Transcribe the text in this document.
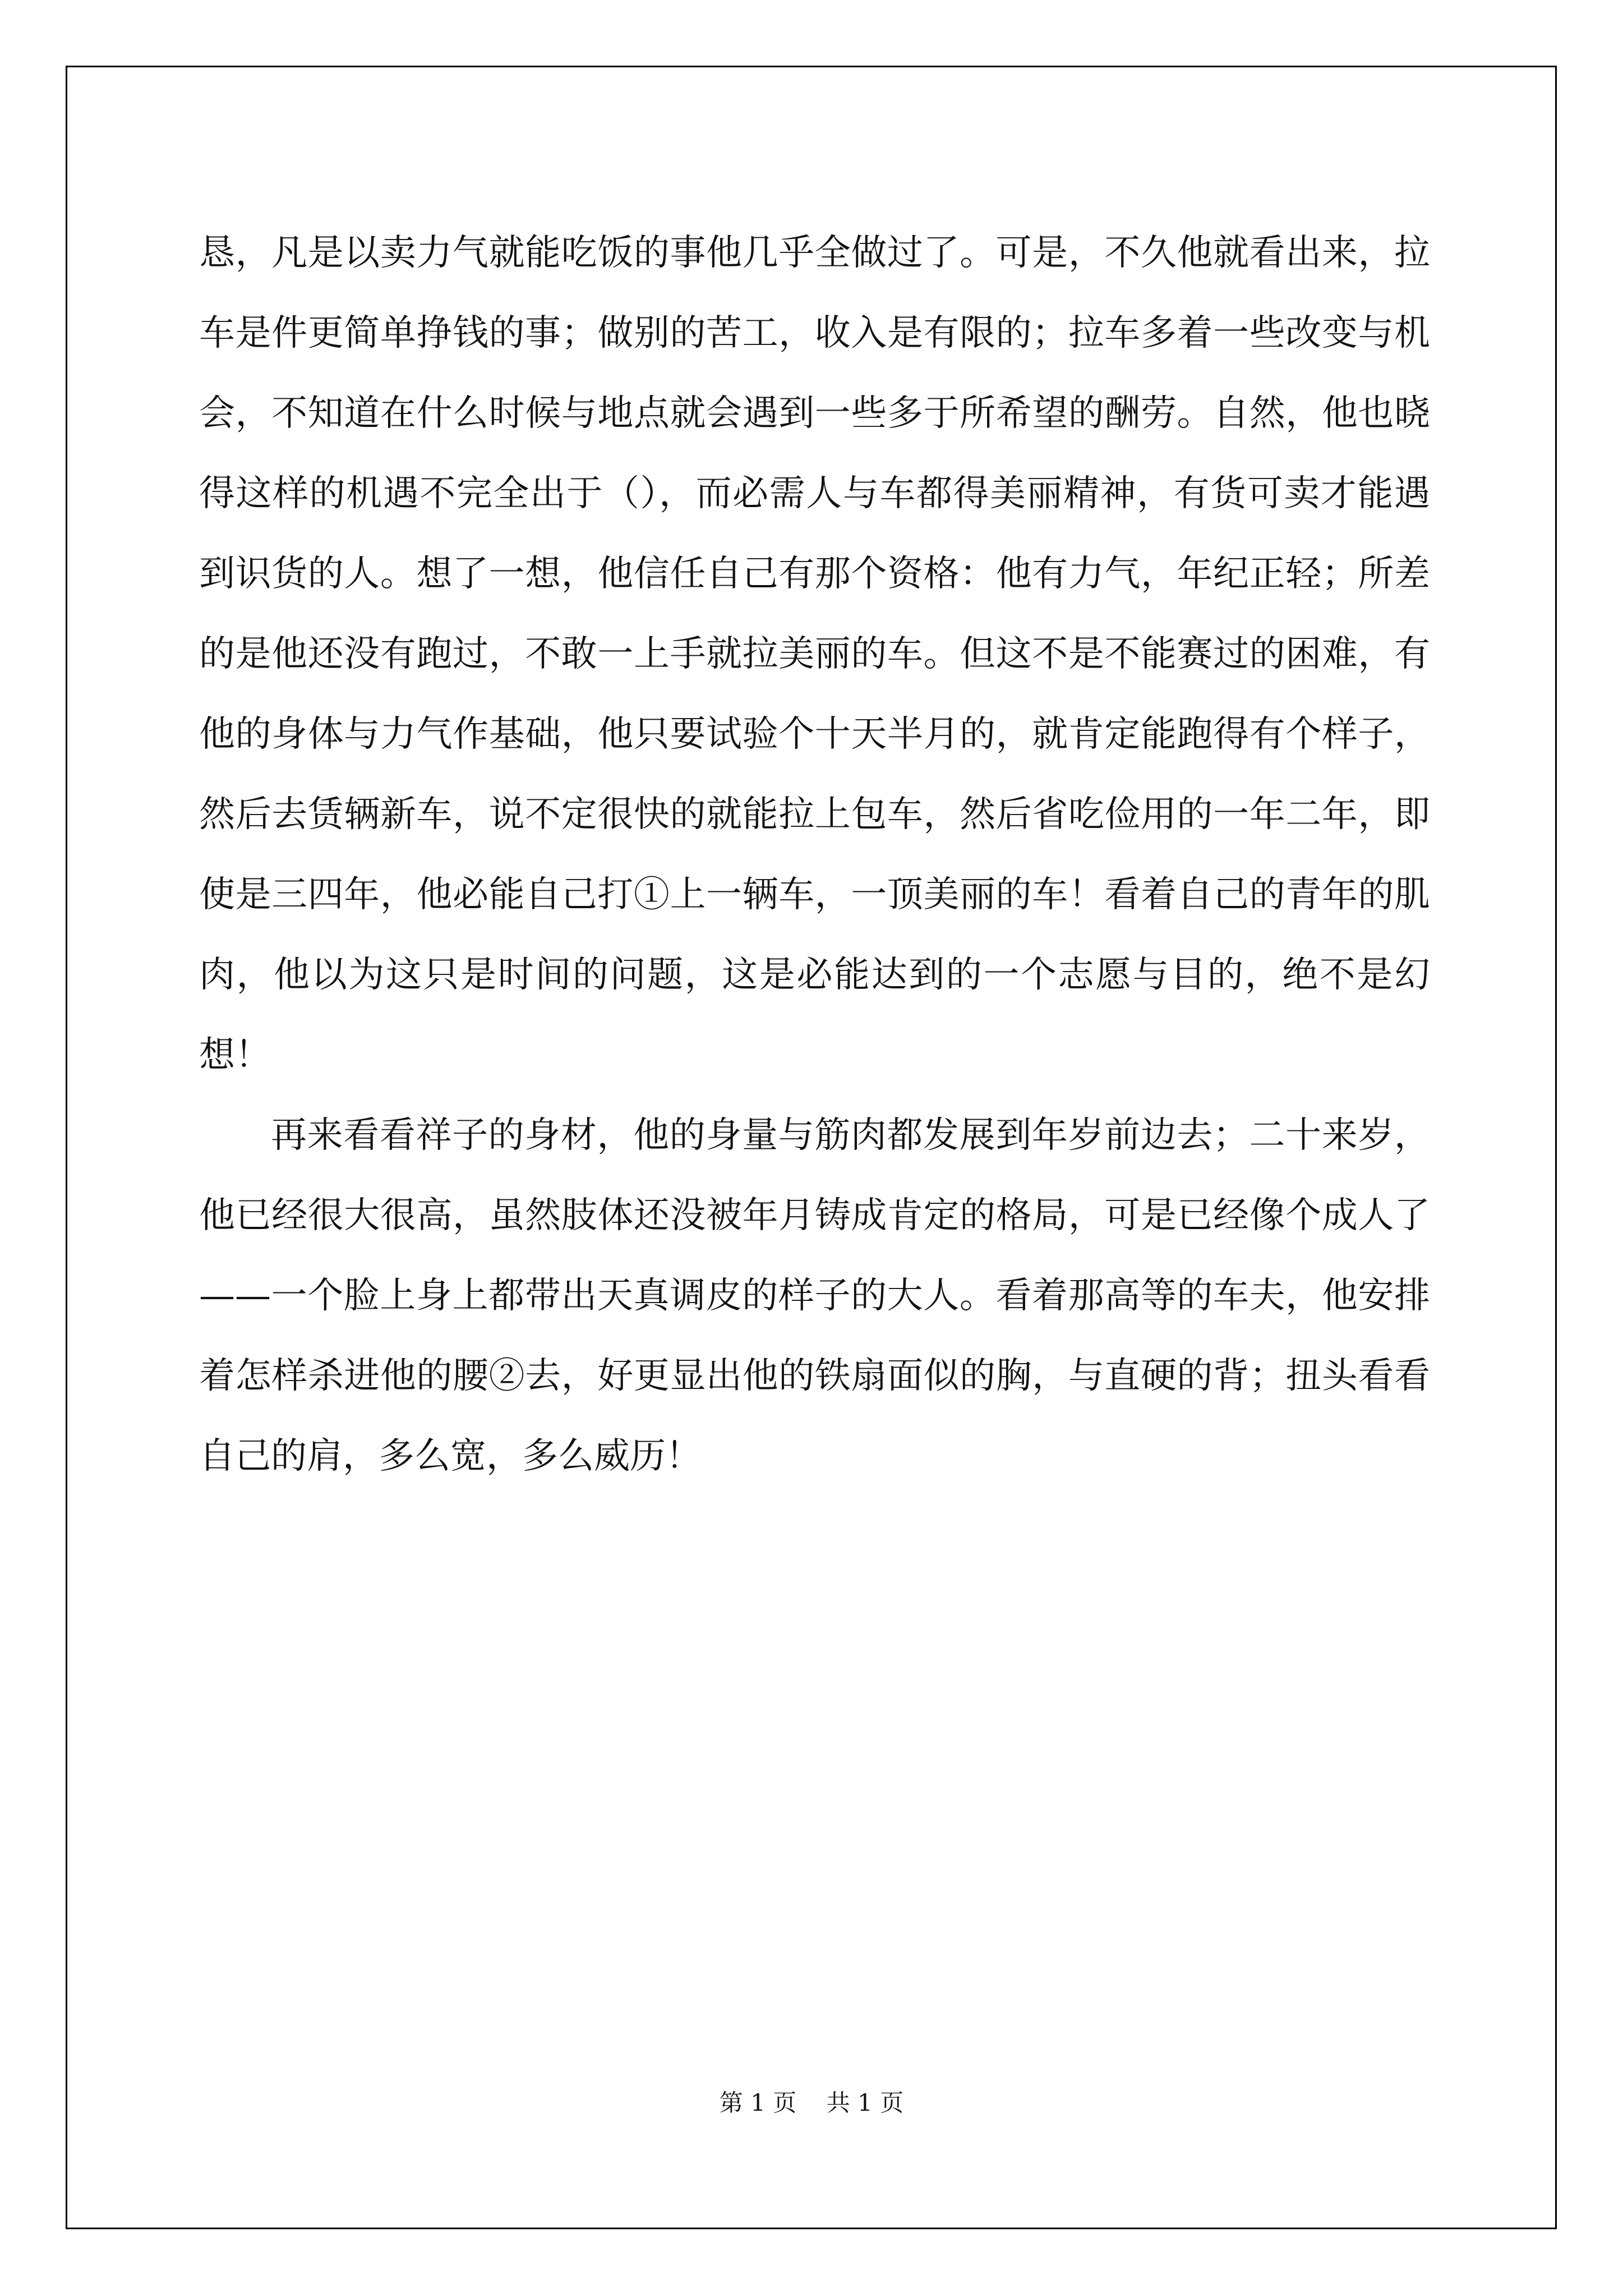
恳，凡是以卖力气就能吃饭的事他几乎全做过了。可是，不久他就看出来，拉车是件更简单挣钱的事；做别的苦工，收入是有限的；拉车多着一些改变与机会，不知道在什么时候与地点就会遇到一些多于所希望的酬劳。自然，他也晓得这样的机遇不完全出于（），而必需人与车都得美丽精神，有货可卖才能遇到识货的人。想了一想，他信任自己有那个资格：他有力气，年纪正轻；所差的是他还没有跑过，不敢一上手就拉美丽的车。但这不是不能赛过的困难，有他的身体与力气作基础，他只要试验个十天半月的，就肯定能跑得有个样子，然后去赁辆新车，说不定很快的就能拉上包车，然后省吃俭用的一年二年，即使是三四年，他必能自己打①上一辆车，一顶美丽的车！看着自己的青年的肌肉，他以为这只是时间的问题，这是必能达到的一个志愿与目的，绝不是幻想！

再来看看祥子的身材，他的身量与筋肉都发展到年岁前边去；二十来岁，他已经很大很高，虽然肢体还没被年月铸成肯定的格局，可是已经像个成人了——一个脸上身上都带出天真调皮的样子的大人。看着那高等的车夫，他安排着怎样杀进他的腰②去，好更显出他的铁扇面似的胸，与直硬的背；扭头看看自己的肩，多么宽，多么威历！

第 1 页    共 1 页
